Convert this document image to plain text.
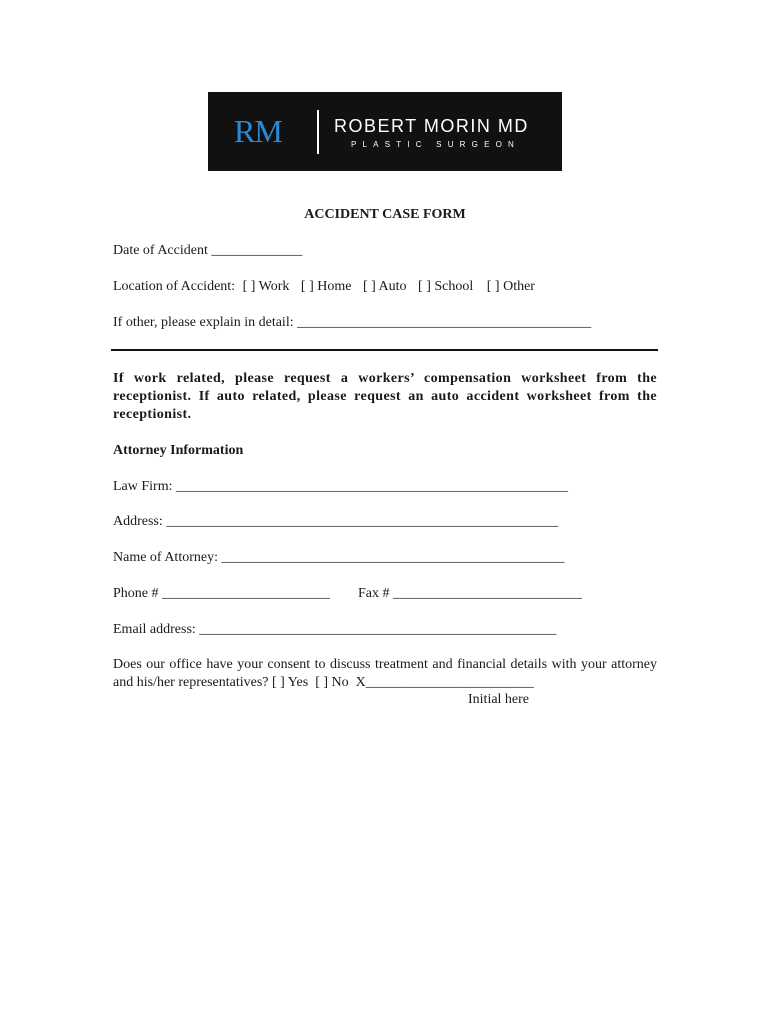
RM	ROBERT MORIN MD
PLASTIC SURGEON
ACCIDENT CASE FORM
Date of Accident _____________
Location of Accident: [ ] Work [ ] Home [ ] Auto [ ] School [ ] Other
If other, please explain in detail: __________________________________________

If work related, please request a workers’ compensation worksheet from the receptionist. If auto related, please request an auto accident worksheet from the receptionist.

Attorney Information
Law Firm: ________________________________________________________
Address: ________________________________________________________
Name of Attorney: _________________________________________________
Phone # ________________________ Fax # ___________________________
Email address: ___________________________________________________

Does our office have your consent to discuss treatment and financial details with your attorney and his/her representatives? [ ] Yes [ ] No X________________________

Initial here
